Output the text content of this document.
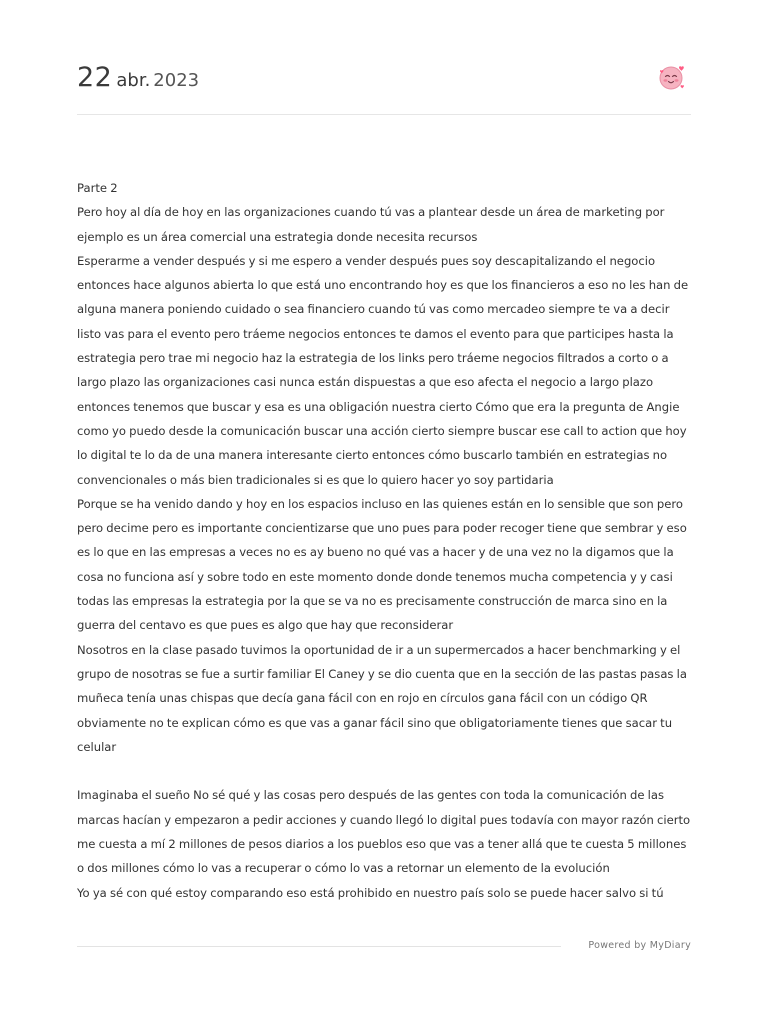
22 abr. 2023

Parte 2

Pero hoy al día de hoy en las organizaciones cuando tú vas a plantear desde un área de marketing por ejemplo es un área comercial una estrategia donde necesita recursos

Esperarme a vender después y si me espero a vender después pues soy descapitalizando el negocio entonces hace algunos abierta lo que está uno encontrando hoy es que los financieros a eso no les han de alguna manera poniendo cuidado o sea financiero cuando tú vas como mercadeo siempre te va a decir listo vas para el evento pero tráeme negocios entonces te damos el evento para que participes hasta la estrategia pero trae mi negocio haz la estrategia de los links pero tráeme negocios filtrados a corto o a largo plazo las organizaciones casi nunca están dispuestas a que eso afecta el negocio a largo plazo entonces tenemos que buscar y esa es una obligación nuestra cierto Cómo que era la pregunta de Angie como yo puedo desde la comunicación buscar una acción cierto siempre buscar ese call to action que hoy lo digital te lo da de una manera interesante cierto entonces cómo buscarlo también en estrategias no convencionales o más bien tradicionales si es que lo quiero hacer yo soy partidaria

Porque se ha venido dando y hoy en los espacios incluso en las quienes están en lo sensible que son pero pero decime pero es importante concientizarse que uno pues para poder recoger tiene que sembrar y eso es lo que en las empresas a veces no es ay bueno no qué vas a hacer y de una vez no la digamos que la cosa no funciona así y sobre todo en este momento donde donde tenemos mucha competencia y y casi todas las empresas la estrategia por la que se va no es precisamente construcción de marca sino en la guerra del centavo es que pues es algo que hay que reconsiderar

Nosotros en la clase pasado tuvimos la oportunidad de ir a un supermercados a hacer benchmarking y el grupo de nosotras se fue a surtir familiar El Caney y se dio cuenta que en la sección de las pastas pasas la muñeca tenía unas chispas que decía gana fácil con en rojo en círculos gana fácil con un código QR obviamente no te explican cómo es que vas a ganar fácil sino que obligatoriamente tienes que sacar tu celular

Imaginaba el sueño No sé qué y las cosas pero después de las gentes con toda la comunicación de las marcas hacían y empezaron a pedir acciones y cuando llegó lo digital pues todavía con mayor razón cierto me cuesta a mí 2 millones de pesos diarios a los pueblos eso que vas a tener allá que te cuesta 5 millones o dos millones cómo lo vas a recuperar o cómo lo vas a retornar un elemento de la evolución

Yo ya sé con qué estoy comparando eso está prohibido en nuestro país solo se puede hacer salvo si tú

Powered by MyDiary
